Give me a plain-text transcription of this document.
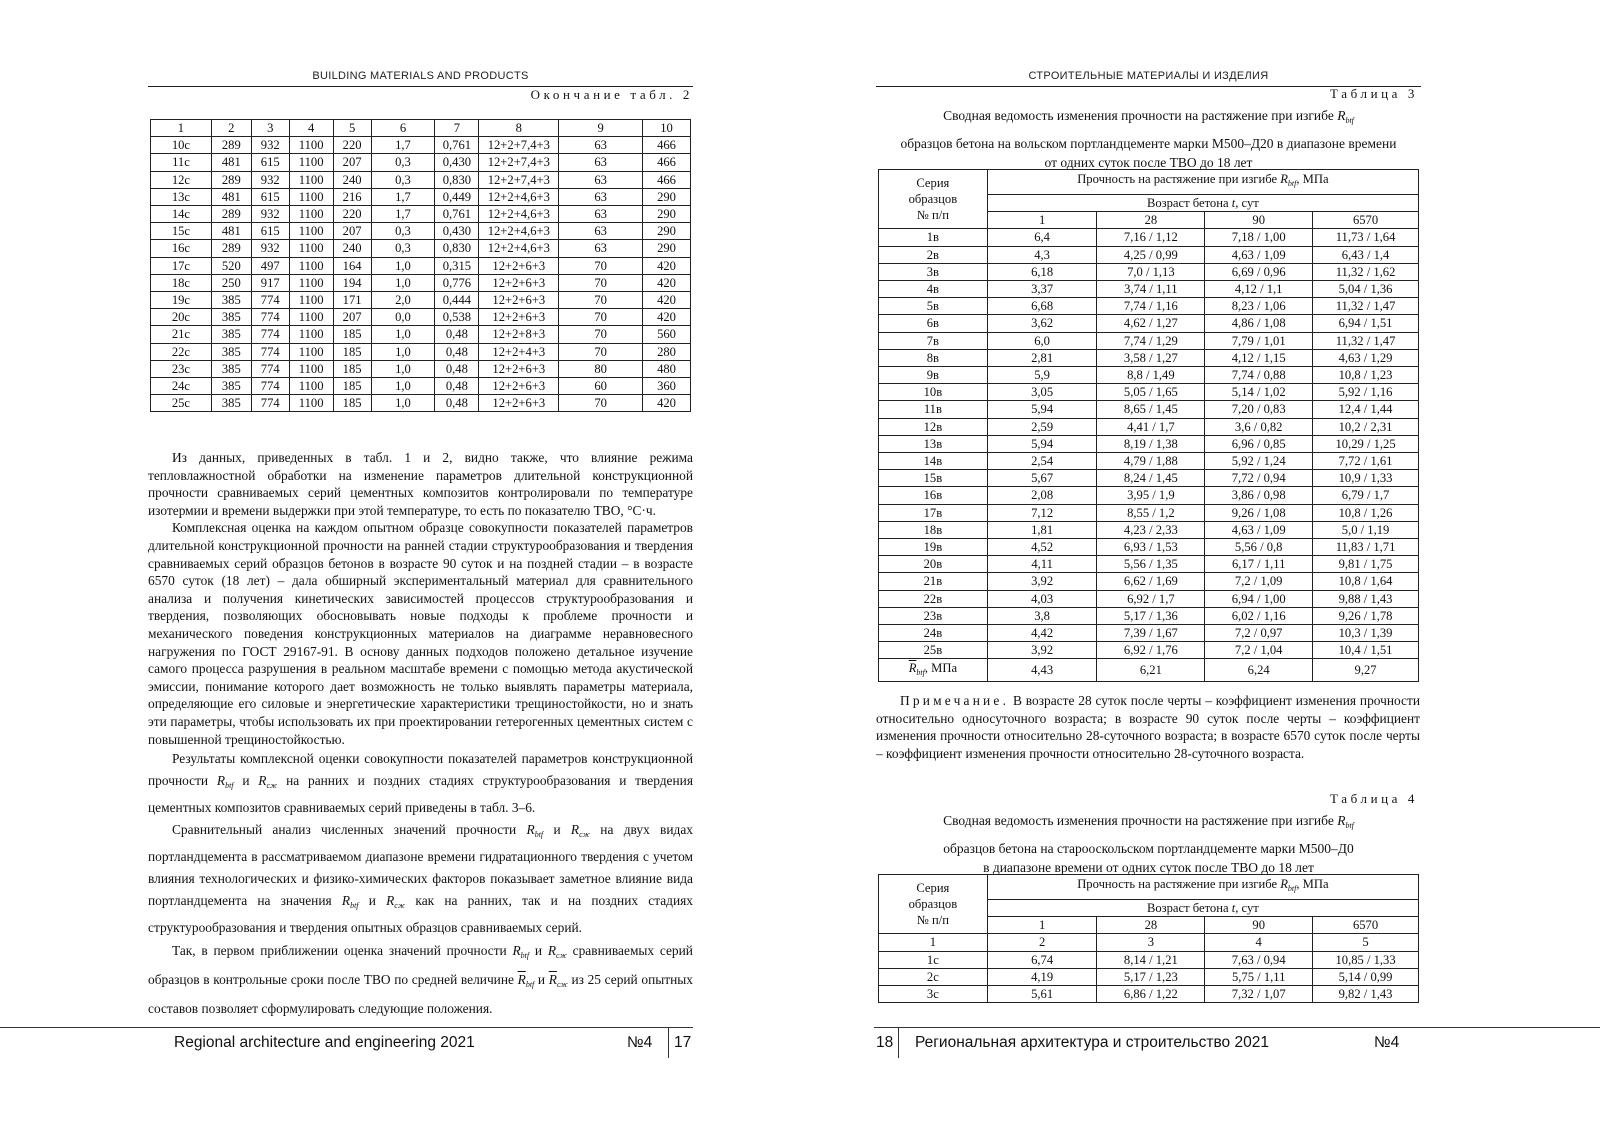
BUILDING MATERIALS AND PRODUCTS
Окончание табл. 2
1	2	3	4	5	6	7	8	9	10
10c	289	932	1100	220	1,7	0,761	12+2+7,4+3	63	466
11c	481	615	1100	207	0,3	0,430	12+2+7,4+3	63	466
12c	289	932	1100	240	0,3	0,830	12+2+7,4+3	63	466
13c	481	615	1100	216	1,7	0,449	12+2+4,6+3	63	290
14c	289	932	1100	220	1,7	0,761	12+2+4,6+3	63	290
15c	481	615	1100	207	0,3	0,430	12+2+4,6+3	63	290
16c	289	932	1100	240	0,3	0,830	12+2+4,6+3	63	290
17c	520	497	1100	164	1,0	0,315	12+2+6+3	70	420
18c	250	917	1100	194	1,0	0,776	12+2+6+3	70	420
19c	385	774	1100	171	2,0	0,444	12+2+6+3	70	420
20c	385	774	1100	207	0,0	0,538	12+2+6+3	70	420
21c	385	774	1100	185	1,0	0,48	12+2+8+3	70	560
22c	385	774	1100	185	1,0	0,48	12+2+4+3	70	280
23c	385	774	1100	185	1,0	0,48	12+2+6+3	80	480
24c	385	774	1100	185	1,0	0,48	12+2+6+3	60	360
25c	385	774	1100	185	1,0	0,48	12+2+6+3	70	420

Из данных, приведенных в табл. 1 и 2, видно также, что влияние режима тепловлажностной обработки на изменение параметров длительной конструкционной прочности сравниваемых серий цементных композитов контролировали по температуре изотермии и времени выдержки при этой температуре, то есть по показателю ТВО, °С·ч.

Комплексная оценка на каждом опытном образце совокупности показателей параметров длительной конструкционной прочности на ранней стадии структурообразования и твердения сравниваемых серий образцов бетонов в возрасте 90 суток и на поздней стадии – в возрасте 6570 суток (18 лет) – дала обширный экспериментальный материал для сравнительного анализа и получения кинетических зависимостей процессов структурообразования и твердения, позволяющих обосновывать новые подходы к проблеме прочности и механического поведения конструкционных материалов на диаграмме неравновесного нагружения по ГОСТ 29167-91. В основу данных подходов положено детальное изучение самого процесса разрушения в реальном масштабе времени с помощью метода акустической эмиссии, понимание которого дает возможность не только выявлять параметры материала, определяющие его силовые и энергетические характеристики трещиностойкости, но и знать эти параметры, чтобы использовать их при проектировании гетерогенных цементных систем с повышенной трещиностойкостью.

Результаты комплексной оценки совокупности показателей параметров конструкционной прочности $R_{btf}$ и $R_{сж}$ на ранних и поздних стадиях структурообразования и твердения цементных композитов сравниваемых серий приведены в табл. 3–6.

Сравнительный анализ численных значений прочности $R_{btf}$ и $R_{сж}$ на двух видах портландцемента в рассматриваемом диапазоне времени гидратационного твердения с учетом влияния технологических и физико-химических факторов показывает заметное влияние вида портландцемента на значения $R_{btf}$ и $R_{сж}$ как на ранних, так и на поздних стадиях структурообразования и твердения опытных образцов сравниваемых серий.

Так, в первом приближении оценка значений прочности $R_{btf}$ и $R_{сж}$ сравниваемых серий образцов в контрольные сроки после ТВО по средней величине $\overline{R}_{btf}$ и $\overline{R}_{сж}$ из 25 серий опытных составов позволяет сформулировать следующие положения.

Regional architecture and engineering 2021	№4 17
СТРОИТЕЛЬНЫЕ МАТЕРИАЛЫ И ИЗДЕЛИЯ
Таблица 3
Сводная ведомость изменения прочности на растяжение при изгибе $R_{btf}$
образцов бетона на вольском портландцементе марки М500–Д20 в диапазоне времени
от одних суток после ТВО до 18 лет
Серия
образцов
№ п/п	Прочность на растяжение при изгибе $R_{btf}$, МПа			
	Возраст бетона t, сут			
	1	28	90	6570
1в	6,4	7,16 / 1,12	7,18 / 1,00	11,73 / 1,64
2в	4,3	4,25 / 0,99	4,63 / 1,09	6,43 / 1,4
3в	6,18	7,0 / 1,13	6,69 / 0,96	11,32 / 1,62
4в	3,37	3,74 / 1,11	4,12 / 1,1	5,04 / 1,36
5в	6,68	7,74 / 1,16	8,23 / 1,06	11,32 / 1,47
6в	3,62	4,62 / 1,27	4,86 / 1,08	6,94 / 1,51
7в	6,0	7,74 / 1,29	7,79 / 1,01	11,32 / 1,47
8в	2,81	3,58 / 1,27	4,12 / 1,15	4,63 / 1,29
9в	5,9	8,8 / 1,49	7,74 / 0,88	10,8 / 1,23
10в	3,05	5,05 / 1,65	5,14 / 1,02	5,92 / 1,16
11в	5,94	8,65 / 1,45	7,20 / 0,83	12,4 / 1,44
12в	2,59	4,41 / 1,7	3,6 / 0,82	10,2 / 2,31
13в	5,94	8,19 / 1,38	6,96 / 0,85	10,29 / 1,25
14в	2,54	4,79 / 1,88	5,92 / 1,24	7,72 / 1,61
15в	5,67	8,24 / 1,45	7,72 / 0,94	10,9 / 1,33
16в	2,08	3,95 / 1,9	3,86 / 0,98	6,79 / 1,7
17в	7,12	8,55 / 1,2	9,26 / 1,08	10,8 / 1,26
18в	1,81	4,23 / 2,33	4,63 / 1,09	5,0 / 1,19
19в	4,52	6,93 / 1,53	5,56 / 0,8	11,83 / 1,71
20в	4,11	5,56 / 1,35	6,17 / 1,11	9,81 / 1,75
21в	3,92	6,62 / 1,69	7,2 / 1,09	10,8 / 1,64
22в	4,03	6,92 / 1,7	6,94 / 1,00	9,88 / 1,43
23в	3,8	5,17 / 1,36	6,02 / 1,16	9,26 / 1,78
24в	4,42	7,39 / 1,67	7,2 / 0,97	10,3 / 1,39
25в	3,92	6,92 / 1,76	7,2 / 1,04	10,4 / 1,51
$\overline{R}_{btf}$, МПа	4,43	6,21	6,24	9,27
Примечание. В возрасте 28 суток после черты – коэффициент изменения прочности относительно односуточного возраста; в возрасте 90 суток после черты – коэффициент изменения прочности относительно 28-суточного возраста; в возрасте 6570 суток после черты – коэффициент изменения прочности относительно 28-суточного возраста.
Таблица 4
Сводная ведомость изменения прочности на растяжение при изгибе $R_{btf}$
образцов бетона на старооскольском портландцементе марки М500–Д0
в диапазоне времени от одних суток после ТВО до 18 лет
Серия
образцов
№ п/п	Прочность на растяжение при изгибе $R_{btf}$, МПа			
	Возраст бетона t, сут			
	1	28	90	6570
1	2	3	4	5
1c	6,74	8,14 / 1,21	7,63 / 0,94	10,85 / 1,33
2c	4,19	5,17 / 1,23	5,75 / 1,11	5,14 / 0,99
3c	5,61	6,86 / 1,22	7,32 / 1,07	9,82 / 1,43
18 Региональная архитектура и строительство 2021	№4
